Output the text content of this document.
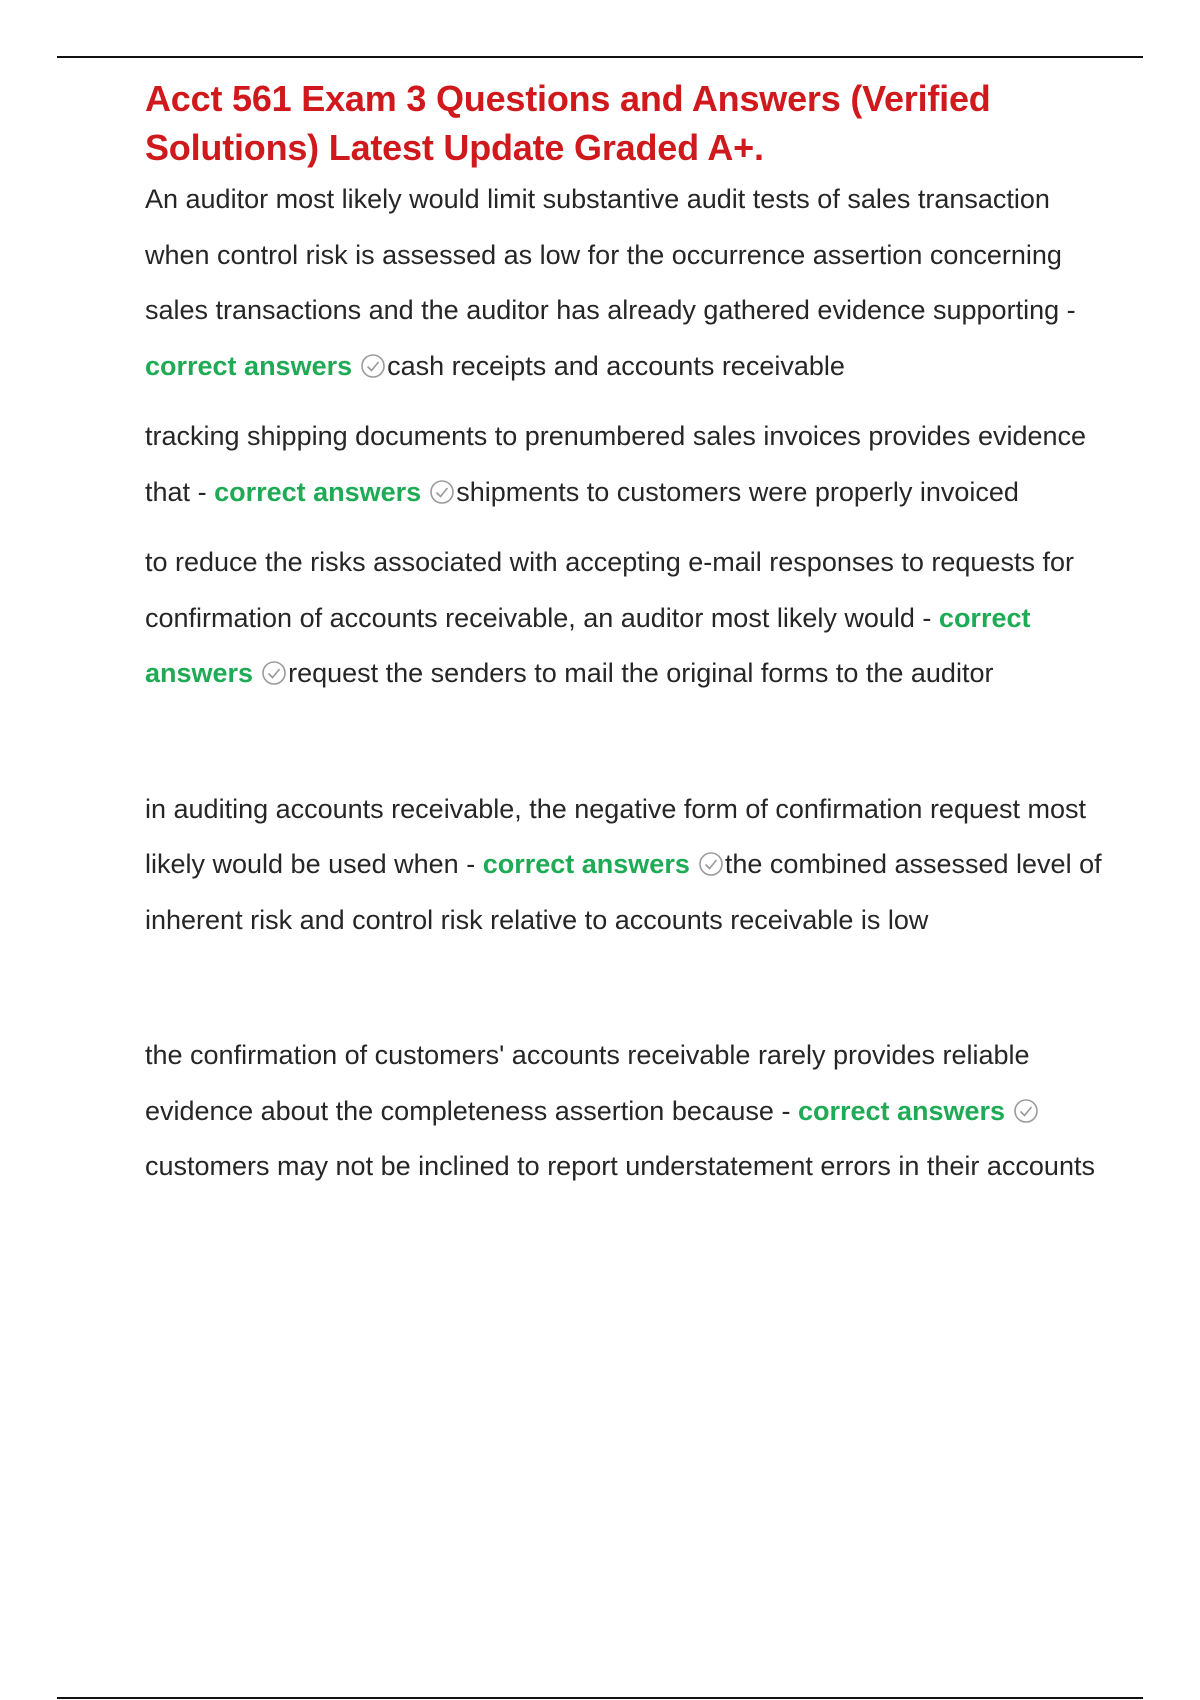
Acct 561 Exam 3 Questions and Answers (Verified Solutions) Latest Update Graded A+.

An auditor most likely would limit substantive audit tests of sales transaction when control risk is assessed as low for the occurrence assertion concerning sales transactions and the auditor has already gathered evidence supporting - correct answers cash receipts and accounts receivable

tracking shipping documents to prenumbered sales invoices provides evidence that - correct answers shipments to customers were properly invoiced

to reduce the risks associated with accepting e-mail responses to requests for confirmation of accounts receivable, an auditor most likely would - correct answers request the senders to mail the original forms to the auditor

in auditing accounts receivable, the negative form of confirmation request most likely would be used when - correct answers the combined assessed level of inherent risk and control risk relative to accounts receivable is low

the confirmation of customers' accounts receivable rarely provides reliable evidence about the completeness assertion because - correct answers
customers may not be inclined to report understatement errors in their accounts
